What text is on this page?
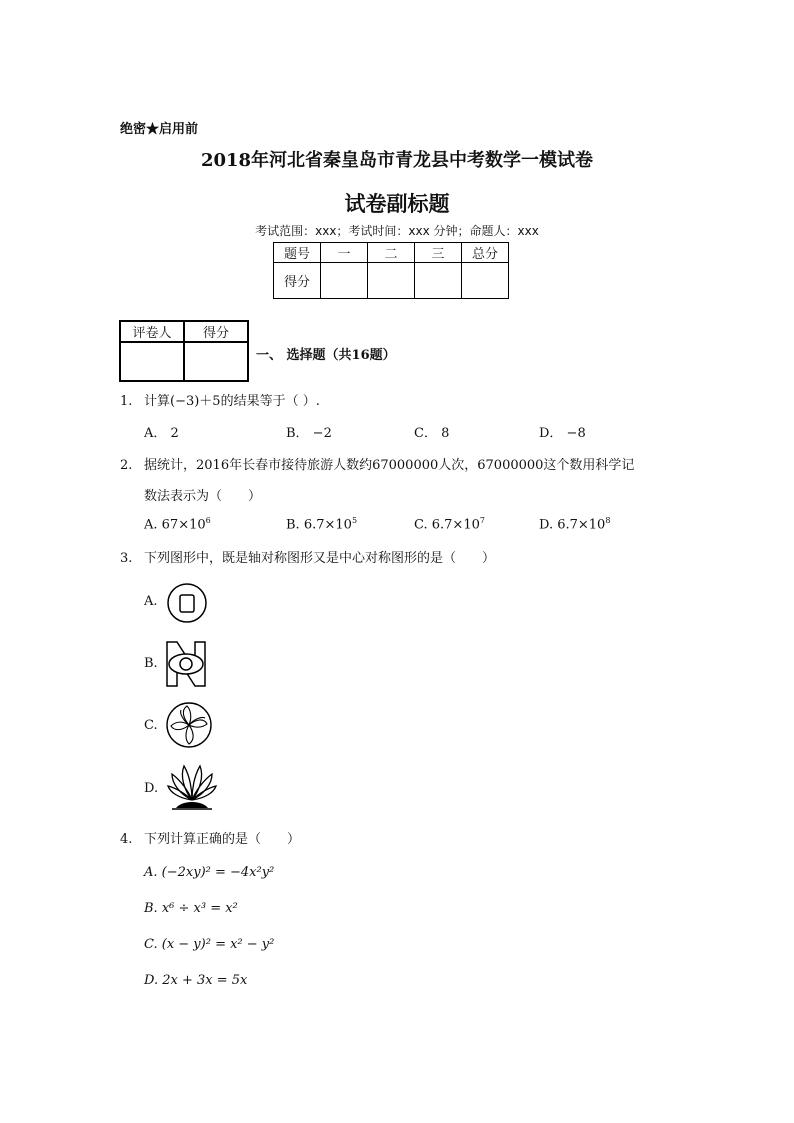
绝密★启用前
2018年河北省秦皇岛市青龙县中考数学一模试卷
试卷副标题
考试范围：xxx；考试时间：xxx 分钟；命题人：xxx
题号	一	二	三	总分
得分				
评卷人	得分

一、 选择题（共16题）
1. 计算(−3)＋5的结果等于（ ）.
A． 2	B． −2	C． 8	D． −8
2. 据统计，2016年长春市接待旅游人数约67000000人次，67000000这个数用科学记
数法表示为（　　）
A. $67\times 10^6$	B. $6.7\times 10^5$	C. $6.7\times 10^7$	D. $6.7\times 10^8$
3. 下列图形中，既是轴对称图形又是中心对称图形的是（　　）
A.
B.
C.
D.
4. 下列计算正确的是（　　）
A. (−2xy)² = −4x²y²
B. x⁶ ÷ x³ = x²
C. (x − y)² = x² − y²
D. 2x + 3x = 5x
